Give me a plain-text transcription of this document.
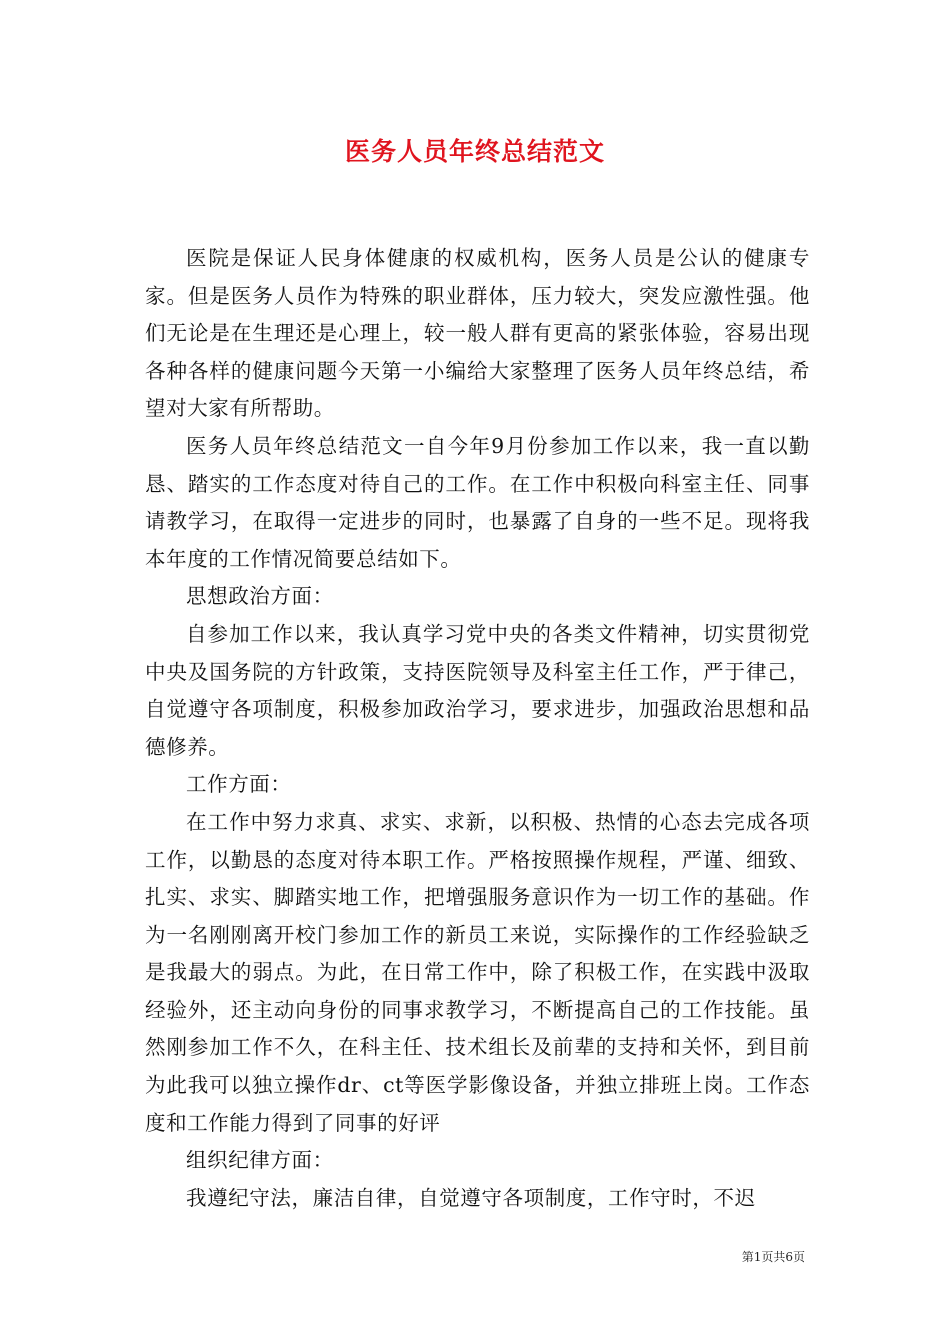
医务人员年终总结范文

医院是保证人民身体健康的权威机构，医务人员是公认的健康专家。但是医务人员作为特殊的职业群体，压力较大，突发应激性强。他们无论是在生理还是心理上，较一般人群有更高的紧张体验，容易出现各种各样的健康问题今天第一小编给大家整理了医务人员年终总结，希望对大家有所帮助。

医务人员年终总结范文一自今年9月份参加工作以来，我一直以勤恳、踏实的工作态度对待自己的工作。在工作中积极向科室主任、同事请教学习，在取得一定进步的同时，也暴露了自身的一些不足。现将我本年度的工作情况简要总结如下。

思想政治方面：

自参加工作以来，我认真学习党中央的各类文件精神，切实贯彻党中央及国务院的方针政策，支持医院领导及科室主任工作，严于律己，自觉遵守各项制度，积极参加政治学习，要求进步，加强政治思想和品德修养。

工作方面：

在工作中努力求真、求实、求新，以积极、热情的心态去完成各项工作，以勤恳的态度对待本职工作。严格按照操作规程，严谨、细致、扎实、求实、脚踏实地工作，把增强服务意识作为一切工作的基础。作为一名刚刚离开校门参加工作的新员工来说，实际操作的工作经验缺乏是我最大的弱点。为此，在日常工作中，除了积极工作，在实践中汲取经验外，还主动向身份的同事求教学习，不断提高自己的工作技能。虽然刚参加工作不久，在科主任、技术组长及前辈的支持和关怀，到目前为此我可以独立操作dr、ct等医学影像设备，并独立排班上岗。工作态度和工作能力得到了同事的好评

组织纪律方面：

我遵纪守法，廉洁自律，自觉遵守各项制度，工作守时，不迟

第1页共6页
